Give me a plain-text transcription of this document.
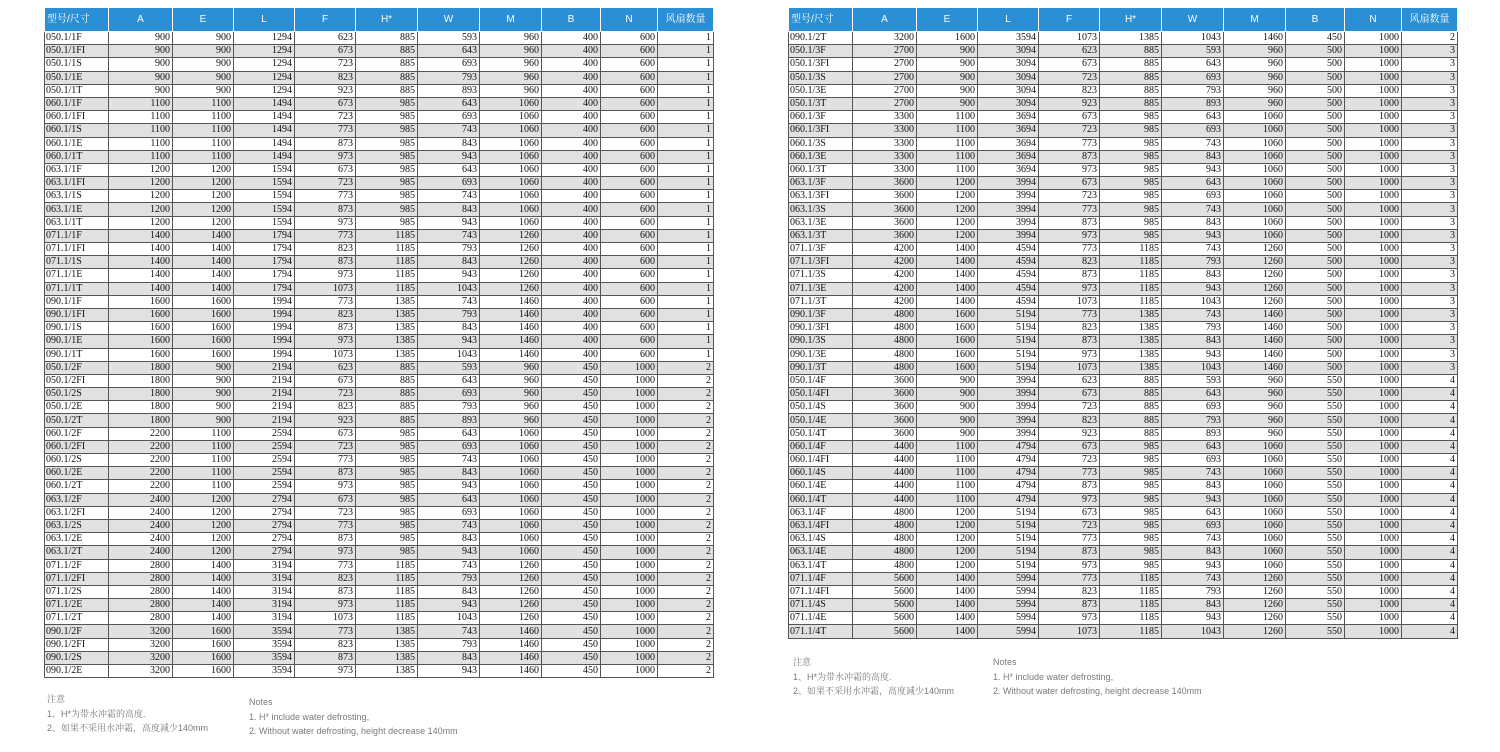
型号/尺寸	A	E	L	F	H*	W	M	B	N	风扇数量
050.1/1F	900	900	1294	623	885	593	960	400	600	1
050.1/1FI	900	900	1294	673	885	643	960	400	600	1
050.1/1S	900	900	1294	723	885	693	960	400	600	1
050.1/1E	900	900	1294	823	885	793	960	400	600	1
050.1/1T	900	900	1294	923	885	893	960	400	600	1
060.1/1F	1100	1100	1494	673	985	643	1060	400	600	1
060.1/1FI	1100	1100	1494	723	985	693	1060	400	600	1
060.1/1S	1100	1100	1494	773	985	743	1060	400	600	1
060.1/1E	1100	1100	1494	873	985	843	1060	400	600	1
060.1/1T	1100	1100	1494	973	985	943	1060	400	600	1
063.1/1F	1200	1200	1594	673	985	643	1060	400	600	1
063.1/1FI	1200	1200	1594	723	985	693	1060	400	600	1
063.1/1S	1200	1200	1594	773	985	743	1060	400	600	1
063.1/1E	1200	1200	1594	873	985	843	1060	400	600	1
063.1/1T	1200	1200	1594	973	985	943	1060	400	600	1
071.1/1F	1400	1400	1794	773	1185	743	1260	400	600	1
071.1/1FI	1400	1400	1794	823	1185	793	1260	400	600	1
071.1/1S	1400	1400	1794	873	1185	843	1260	400	600	1
071.1/1E	1400	1400	1794	973	1185	943	1260	400	600	1
071.1/1T	1400	1400	1794	1073	1185	1043	1260	400	600	1
090.1/1F	1600	1600	1994	773	1385	743	1460	400	600	1
090.1/1FI	1600	1600	1994	823	1385	793	1460	400	600	1
090.1/1S	1600	1600	1994	873	1385	843	1460	400	600	1
090.1/1E	1600	1600	1994	973	1385	943	1460	400	600	1
090.1/1T	1600	1600	1994	1073	1385	1043	1460	400	600	1
050.1/2F	1800	900	2194	623	885	593	960	450	1000	2
050.1/2FI	1800	900	2194	673	885	643	960	450	1000	2
050.1/2S	1800	900	2194	723	885	693	960	450	1000	2
050.1/2E	1800	900	2194	823	885	793	960	450	1000	2
050.1/2T	1800	900	2194	923	885	893	960	450	1000	2
060.1/2F	2200	1100	2594	673	985	643	1060	450	1000	2
060.1/2FI	2200	1100	2594	723	985	693	1060	450	1000	2
060.1/2S	2200	1100	2594	773	985	743	1060	450	1000	2
060.1/2E	2200	1100	2594	873	985	843	1060	450	1000	2
060.1/2T	2200	1100	2594	973	985	943	1060	450	1000	2
063.1/2F	2400	1200	2794	673	985	643	1060	450	1000	2
063.1/2FI	2400	1200	2794	723	985	693	1060	450	1000	2
063.1/2S	2400	1200	2794	773	985	743	1060	450	1000	2
063.1/2E	2400	1200	2794	873	985	843	1060	450	1000	2
063.1/2T	2400	1200	2794	973	985	943	1060	450	1000	2
071.1/2F	2800	1400	3194	773	1185	743	1260	450	1000	2
071.1/2FI	2800	1400	3194	823	1185	793	1260	450	1000	2
071.1/2S	2800	1400	3194	873	1185	843	1260	450	1000	2
071.1/2E	2800	1400	3194	973	1185	943	1260	450	1000	2
071.1/2T	2800	1400	3194	1073	1185	1043	1260	450	1000	2
090.1/2F	3200	1600	3594	773	1385	743	1460	450	1000	2
090.1/2FI	3200	1600	3594	823	1385	793	1460	450	1000	2
090.1/2S	3200	1600	3594	873	1385	843	1460	450	1000	2
090.1/2E	3200	1600	3594	973	1385	943	1460	450	1000	2
型号/尺寸	A	E	L	F	H*	W	M	B	N	风扇数量
090.1/2T	3200	1600	3594	1073	1385	1043	1460	450	1000	2
050.1/3F	2700	900	3094	623	885	593	960	500	1000	3
050.1/3FI	2700	900	3094	673	885	643	960	500	1000	3
050.1/3S	2700	900	3094	723	885	693	960	500	1000	3
050.1/3E	2700	900	3094	823	885	793	960	500	1000	3
050.1/3T	2700	900	3094	923	885	893	960	500	1000	3
060.1/3F	3300	1100	3694	673	985	643	1060	500	1000	3
060.1/3FI	3300	1100	3694	723	985	693	1060	500	1000	3
060.1/3S	3300	1100	3694	773	985	743	1060	500	1000	3
060.1/3E	3300	1100	3694	873	985	843	1060	500	1000	3
060.1/3T	3300	1100	3694	973	985	943	1060	500	1000	3
063.1/3F	3600	1200	3994	673	985	643	1060	500	1000	3
063.1/3FI	3600	1200	3994	723	985	693	1060	500	1000	3
063.1/3S	3600	1200	3994	773	985	743	1060	500	1000	3
063.1/3E	3600	1200	3994	873	985	843	1060	500	1000	3
063.1/3T	3600	1200	3994	973	985	943	1060	500	1000	3
071.1/3F	4200	1400	4594	773	1185	743	1260	500	1000	3
071.1/3FI	4200	1400	4594	823	1185	793	1260	500	1000	3
071.1/3S	4200	1400	4594	873	1185	843	1260	500	1000	3
071.1/3E	4200	1400	4594	973	1185	943	1260	500	1000	3
071.1/3T	4200	1400	4594	1073	1185	1043	1260	500	1000	3
090.1/3F	4800	1600	5194	773	1385	743	1460	500	1000	3
090.1/3FI	4800	1600	5194	823	1385	793	1460	500	1000	3
090.1/3S	4800	1600	5194	873	1385	843	1460	500	1000	3
090.1/3E	4800	1600	5194	973	1385	943	1460	500	1000	3
090.1/3T	4800	1600	5194	1073	1385	1043	1460	500	1000	3
050.1/4F	3600	900	3994	623	885	593	960	550	1000	4
050.1/4FI	3600	900	3994	673	885	643	960	550	1000	4
050.1/4S	3600	900	3994	723	885	693	960	550	1000	4
050.1/4E	3600	900	3994	823	885	793	960	550	1000	4
050.1/4T	3600	900	3994	923	885	893	960	550	1000	4
060.1/4F	4400	1100	4794	673	985	643	1060	550	1000	4
060.1/4FI	4400	1100	4794	723	985	693	1060	550	1000	4
060.1/4S	4400	1100	4794	773	985	743	1060	550	1000	4
060.1/4E	4400	1100	4794	873	985	843	1060	550	1000	4
060.1/4T	4400	1100	4794	973	985	943	1060	550	1000	4
063.1/4F	4800	1200	5194	673	985	643	1060	550	1000	4
063.1/4FI	4800	1200	5194	723	985	693	1060	550	1000	4
063.1/4S	4800	1200	5194	773	985	743	1060	550	1000	4
063.1/4E	4800	1200	5194	873	985	843	1060	550	1000	4
063.1/4T	4800	1200	5194	973	985	943	1060	550	1000	4
071.1/4F	5600	1400	5994	773	1185	743	1260	550	1000	4
071.1/4FI	5600	1400	5994	823	1185	793	1260	550	1000	4
071.1/4S	5600	1400	5994	873	1185	843	1260	550	1000	4
071.1/4E	5600	1400	5994	973	1185	943	1260	550	1000	4
071.1/4T	5600	1400	5994	1073	1185	1043	1260	550	1000	4
注意
1、H*为带水冲霜的高度.
2、如果不采用水冲霜，高度减少140mm
Notes
1. H* include water defrosting,
2. Without water defrosting, height decrease 140mm
注意
1、H*为带水冲霜的高度.
2、如果不采用水冲霜，高度减少140mm
Notes
1. H* include water defrosting,
2. Without water defrosting, height decrease 140mm
